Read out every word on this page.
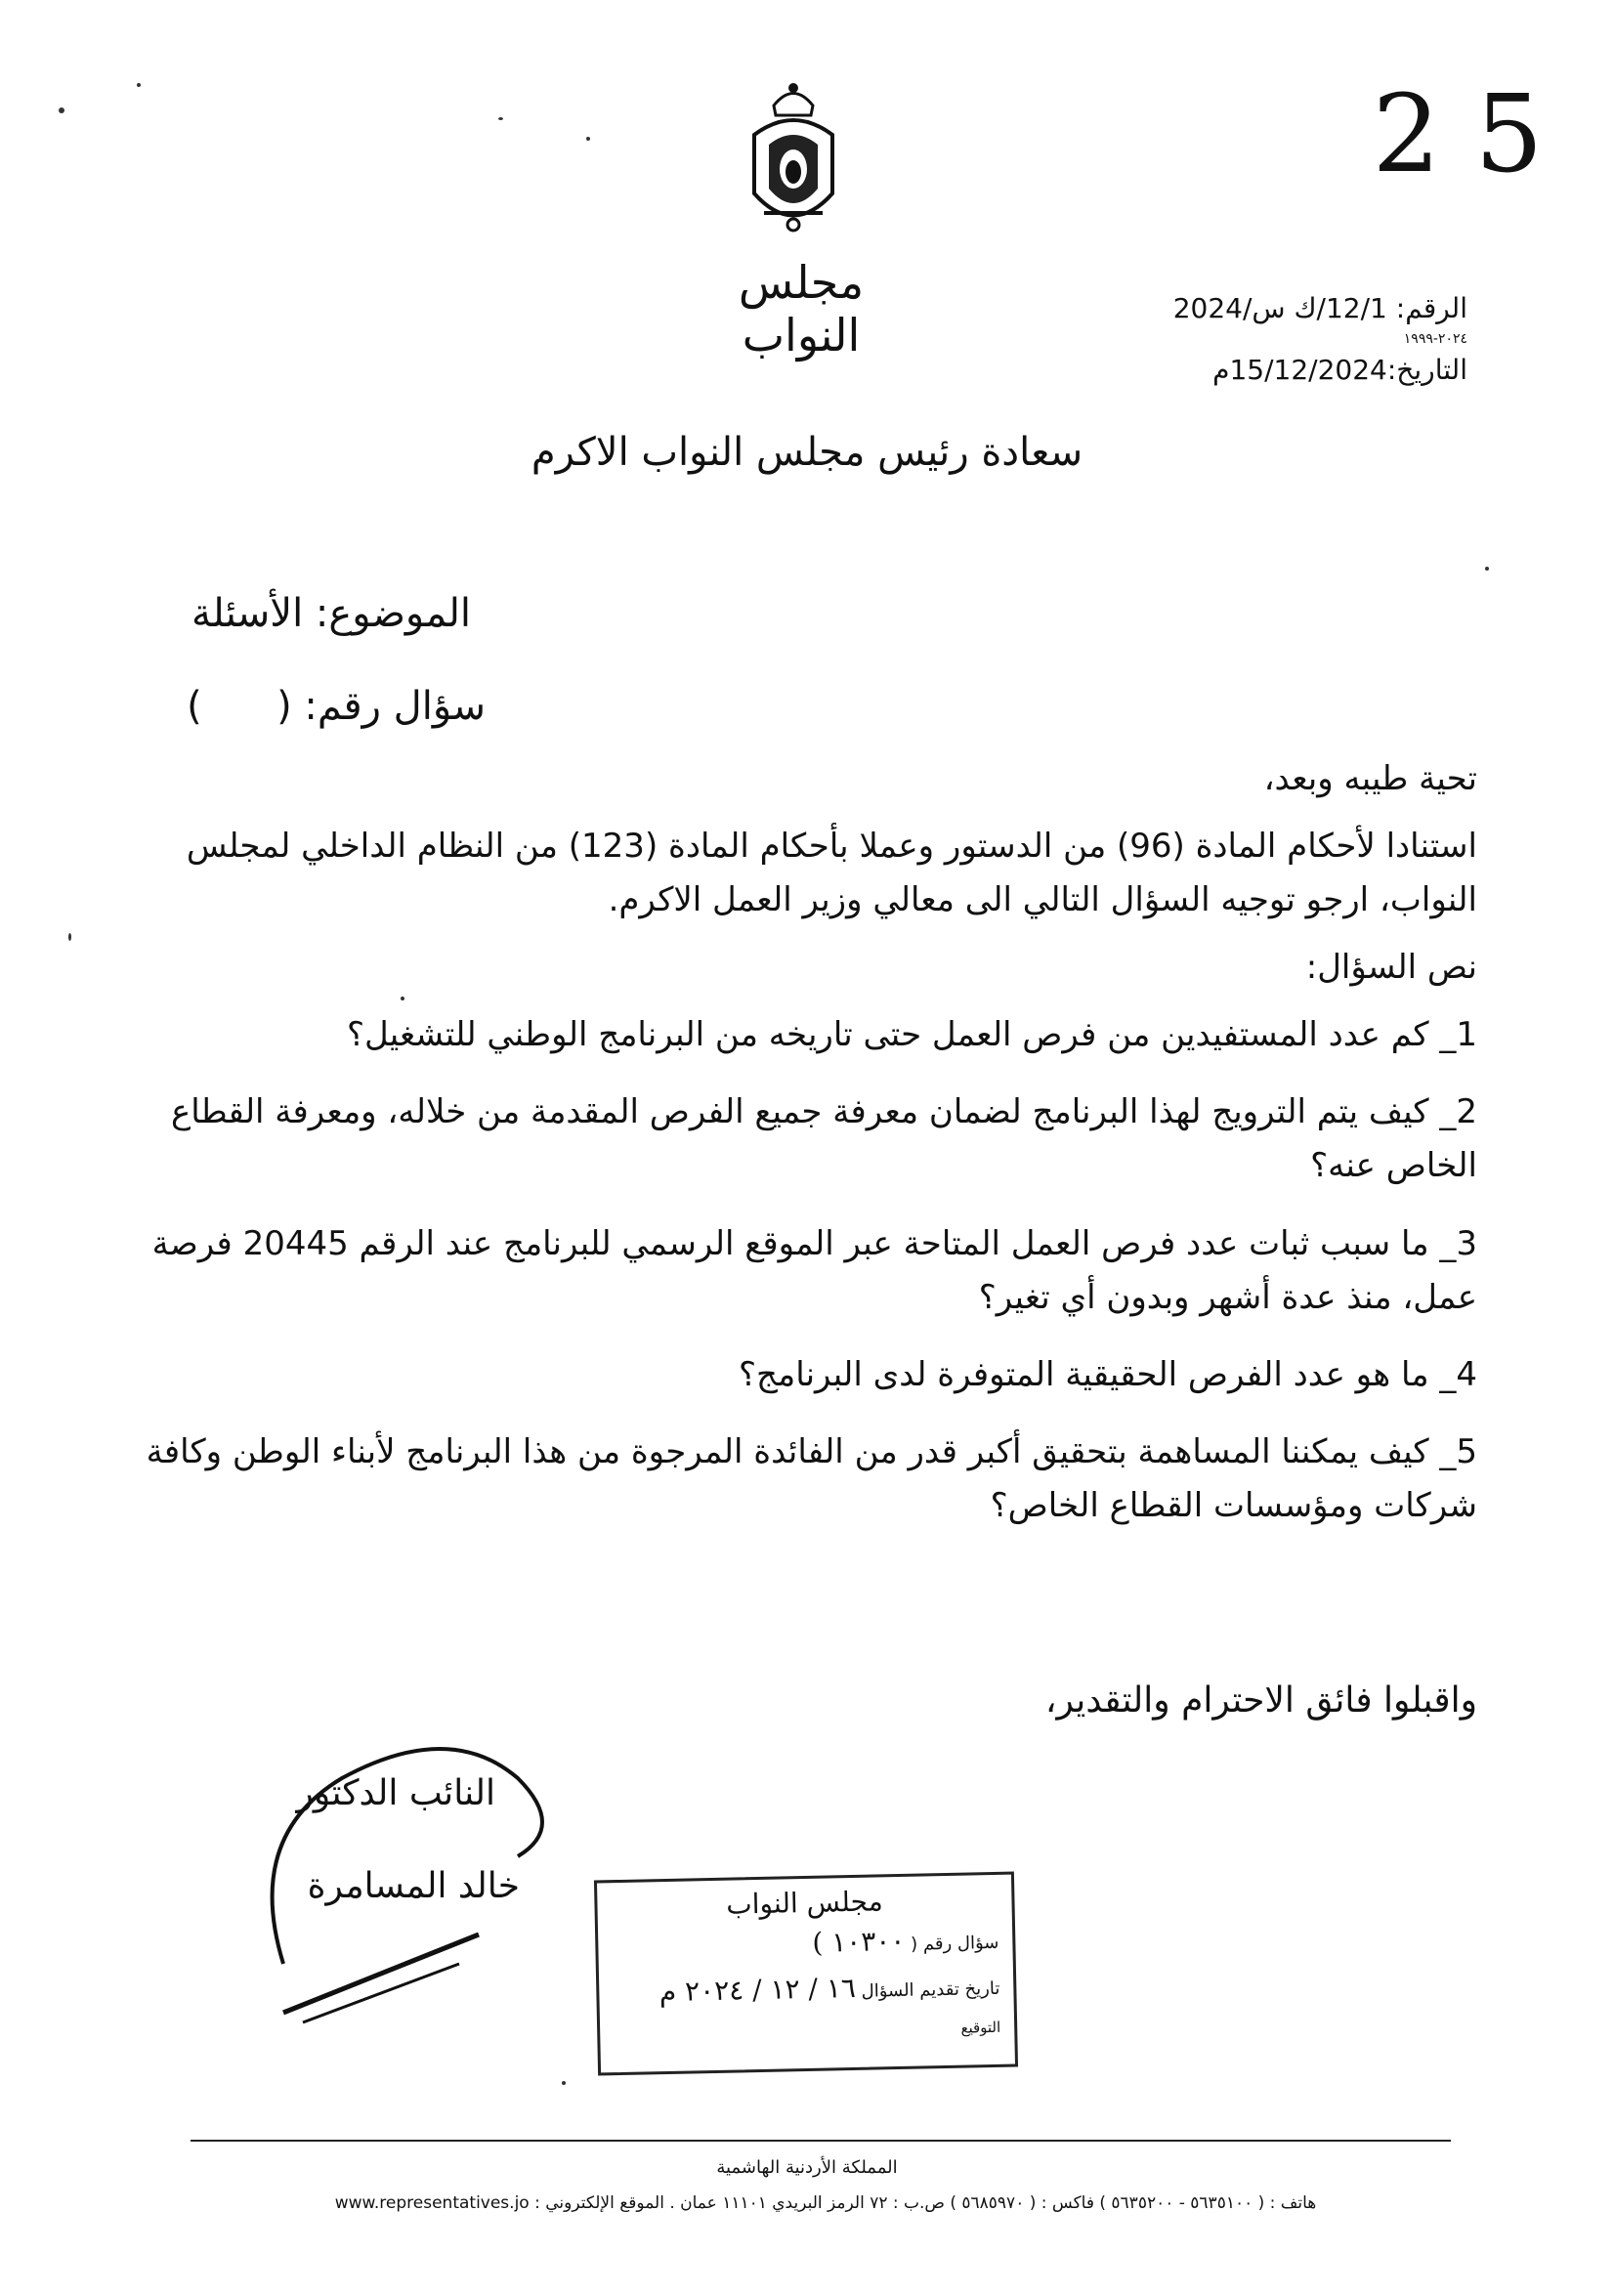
مجلس النواب
2 5
الرقم: 12/1/ك س/2024
٢٠٢٤-١٩٩٩
التاريخ:15/12/2024م
سعادة رئيس مجلس النواب الاكرم
الموضوع: الأسئلة
سؤال رقم: (      )

تحية طيبه وبعد،

استنادا لأحكام المادة (96) من الدستور وعملا بأحكام المادة (123) من النظام الداخلي لمجلس النواب، ارجو توجيه السؤال التالي الى معالي وزير العمل الاكرم.

نص السؤال:

1_ كم عدد المستفيدين من فرص العمل حتى تاريخه من البرنامج الوطني للتشغيل؟

2_ كيف يتم الترويج لهذا البرنامج لضمان معرفة جميع الفرص المقدمة من خلاله، ومعرفة القطاع الخاص عنه؟

3_ ما سبب ثبات عدد فرص العمل المتاحة عبر الموقع الرسمي للبرنامج عند الرقم 20445 فرصة عمل، منذ عدة أشهر وبدون أي تغير؟

4_ ما هو عدد الفرص الحقيقية المتوفرة لدى البرنامج؟

5_ كيف يمكننا المساهمة بتحقيق أكبر قدر من الفائدة المرجوة من هذا البرنامج لأبناء الوطن وكافة شركات ومؤسسات القطاع الخاص؟

واقبلوا فائق الاحترام والتقدير،
النائب الدكتور
خالد المسامرة	مجلس النواب
سؤال رقم ( ١٠٣٠٠ )
تاريخ تقديم السؤال ١٦ / ١٢ / ٢٠٢٤ م
التوقيع
المملكة الأردنية الهاشمية
هاتف : ( ٥٦٣٥١٠٠ - ٥٦٣٥٢٠٠ ) فاكس : ( ٥٦٨٥٩٧٠ ) ص.ب : ٧٢ الرمز البريدي ١١١٠١ عمان . الموقع الإلكتروني : www.representatives.jo
